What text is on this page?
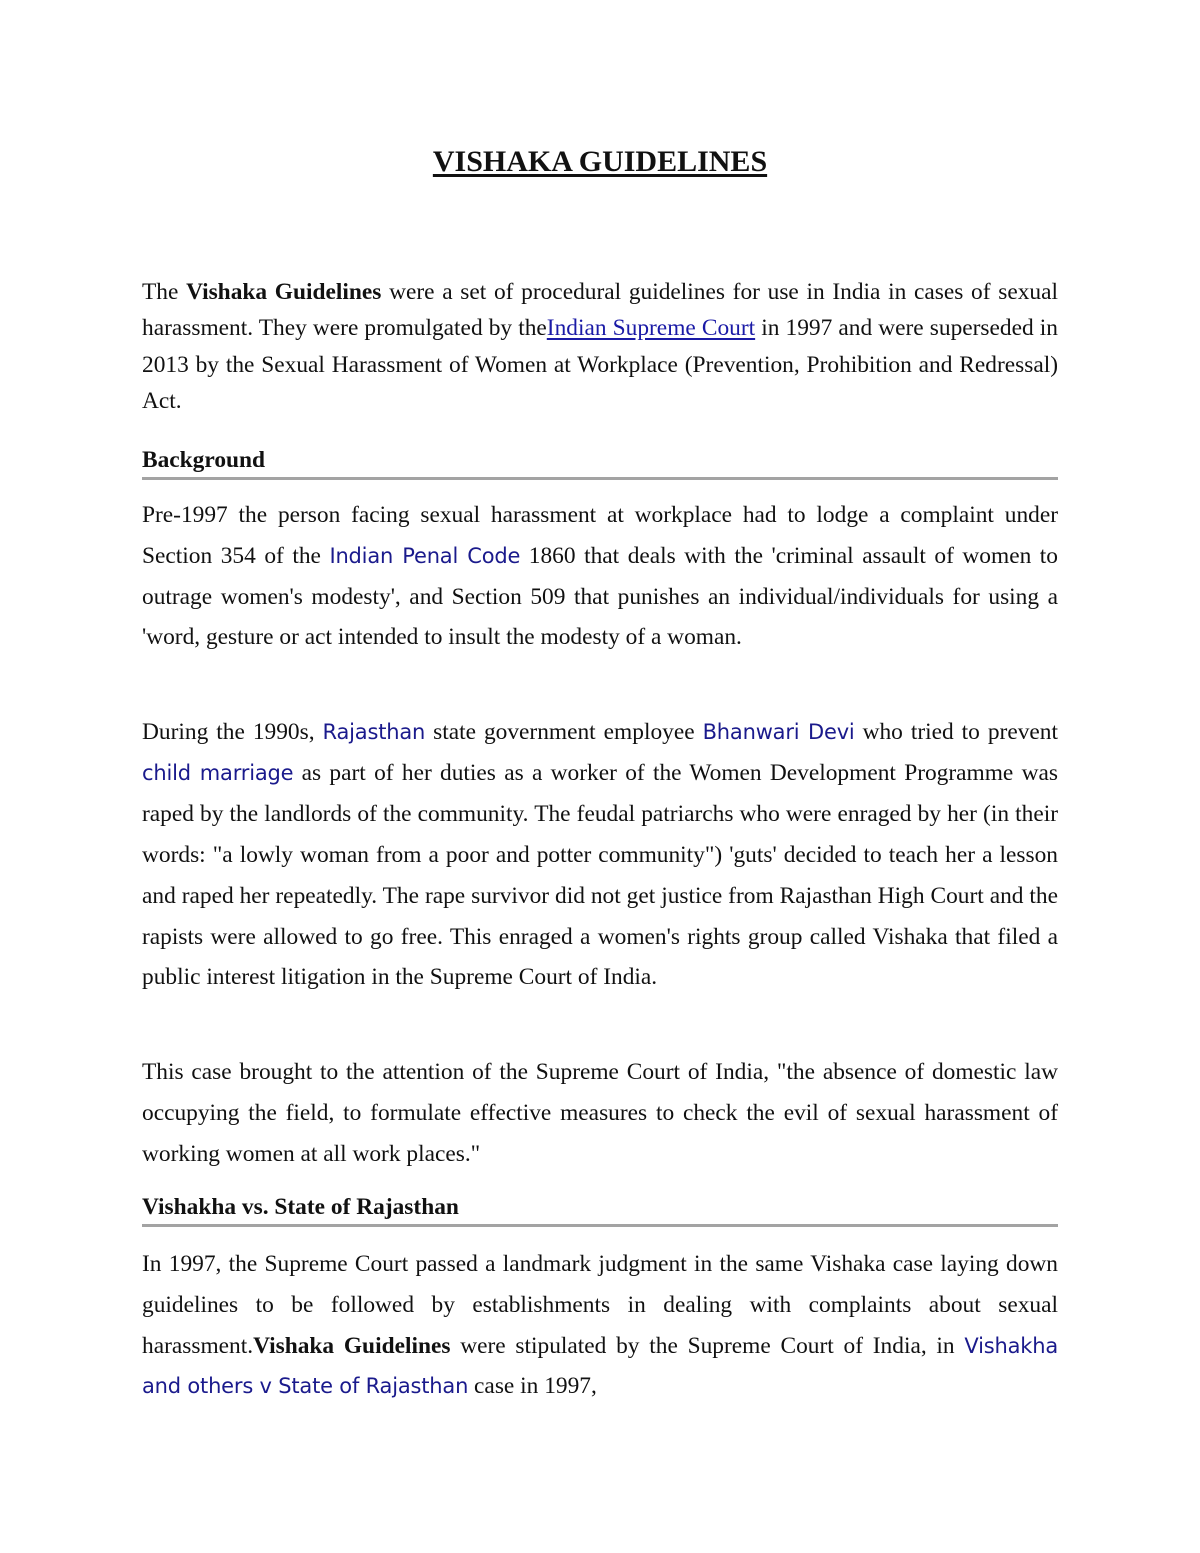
VISHAKA GUIDELINES

The Vishaka Guidelines were a set of procedural guidelines for use in India in cases of sexual harassment. They were promulgated by theIndian Supreme Court in 1997 and were superseded in 2013 by the Sexual Harassment of Women at Workplace (Prevention, Prohibition and Redressal) Act.

Background

Pre-1997 the person facing sexual harassment at workplace had to lodge a complaint under Section 354 of the Indian Penal Code 1860 that deals with the 'criminal assault of women to outrage women's modesty', and Section 509 that punishes an individual/individuals for using a 'word, gesture or act intended to insult the modesty of a woman.

During the 1990s, Rajasthan state government employee Bhanwari Devi who tried to prevent child marriage as part of her duties as a worker of the Women Development Programme was raped by the landlords of the community. The feudal patriarchs who were enraged by her (in their words: "a lowly woman from a poor and potter community") 'guts' decided to teach her a lesson and raped her repeatedly. The rape survivor did not get justice from Rajasthan High Court and the rapists were allowed to go free. This enraged a women's rights group called Vishaka that filed a public interest litigation in the Supreme Court of India.

This case brought to the attention of the Supreme Court of India, "the absence of domestic law occupying the field, to formulate effective measures to check the evil of sexual harassment of working women at all work places."

Vishakha vs. State of Rajasthan

In 1997, the Supreme Court passed a landmark judgment in the same Vishaka case laying down guidelines to be followed by establishments in dealing with complaints about sexual harassment.Vishaka Guidelines were stipulated by the Supreme Court of India, in Vishakha and others v State of Rajasthan case in 1997,
